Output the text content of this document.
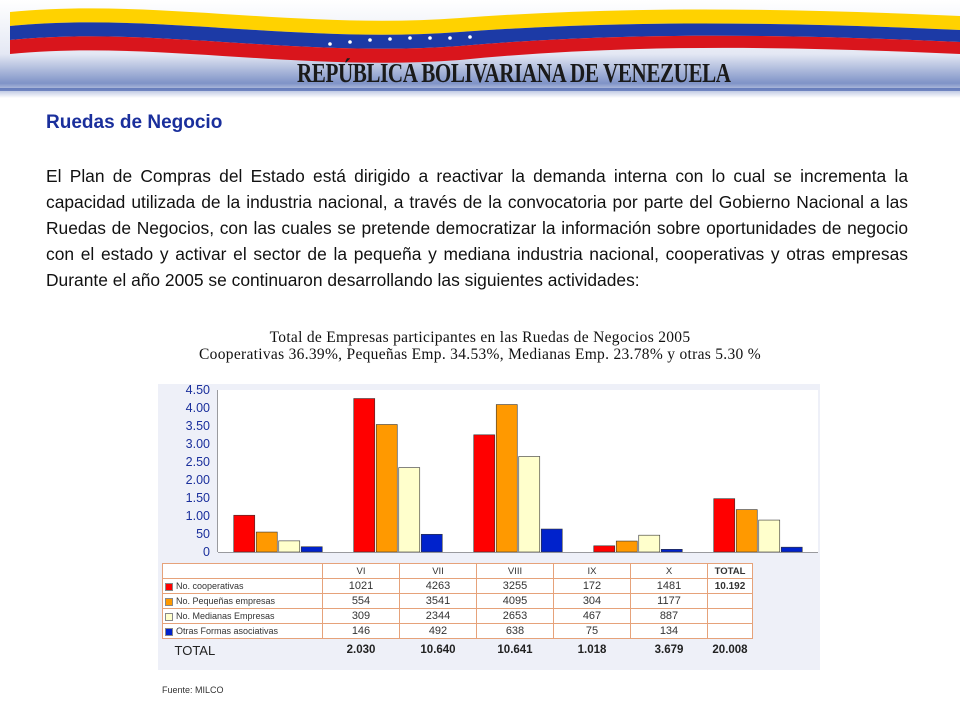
REPÚBLICA BOLIVARIANA DE VENEZUELA
Ruedas de Negocio

El Plan de Compras del Estado está dirigido a reactivar la demanda interna con lo cual se incrementa la capacidad utilizada de la industria nacional, a través de la convocatoria por parte del Gobierno Nacional a las Ruedas de Negocios, con las cuales se pretende democratizar la información sobre oportunidades de negocio con el estado y activar el sector de la pequeña y mediana industria nacional, cooperativas y otras empresas Durante el año 2005 se continuaron desarrollando las siguientes actividades:

Total de Empresas participantes en las Ruedas de Negocios 2005
Cooperativas 36.39%, Pequeñas Emp. 34.53%, Medianas Emp. 23.78% y otras 5.30 %
0
50
1.00
1.50
2.00
2.50
3.00
3.50
4.00
4.50
	VI	VII	VIII	IX	X	TOTAL
No. cooperativas	1021	4263	3255	172	1481	10.192
No. Pequeñas empresas	554	3541	4095	304	1177	
No. Medianas Empresas	309	2344	2653	467	887	
Otras Formas asociativas	146	492	638	75	134	
TOTAL	2.030	10.640	10.641	1.018	3.679	20.008
Fuente: MILCO
